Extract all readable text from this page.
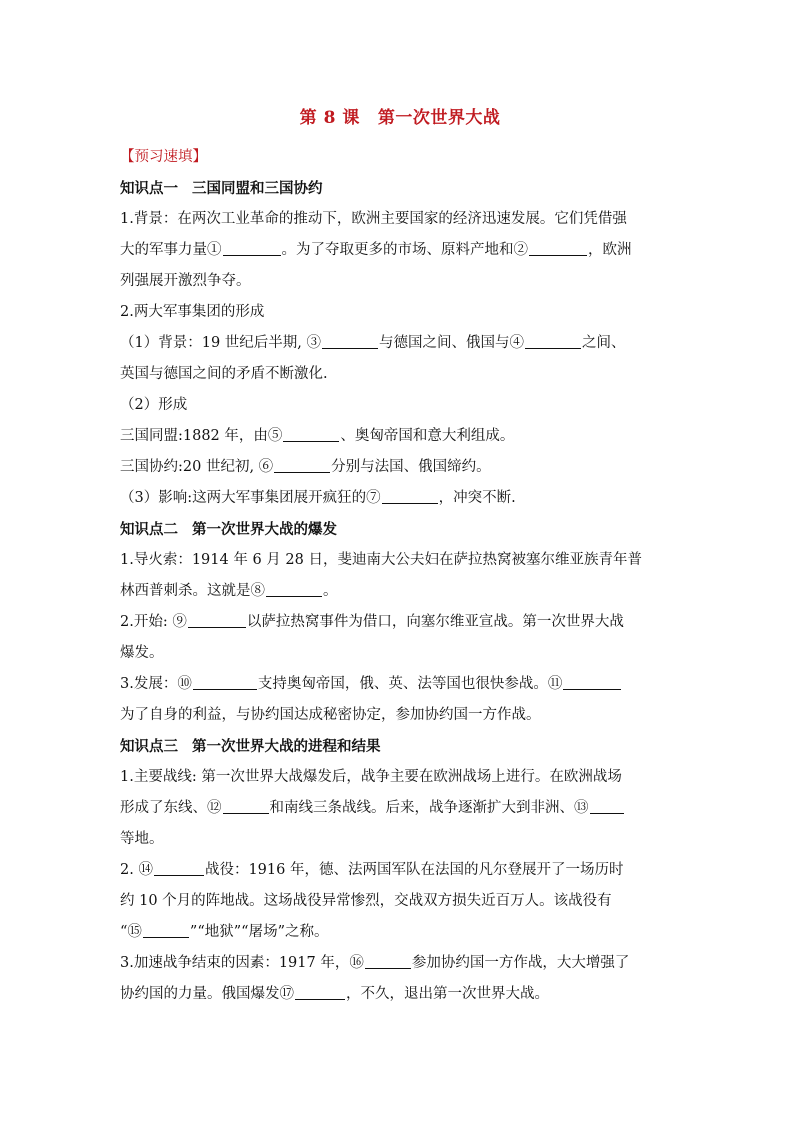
第 8 课 第一次世界大战
【预习速填】
知识点一 三国同盟和三国协约
1.背景：在两次工业革命的推动下，欧洲主要国家的经济迅速发展。它们凭借强
大的军事力量①	。为了夺取更多的市场、原料产地和②	，欧洲
列强展开激烈争夺。
2.两大军事集团的形成
（1）背景：19 世纪后半期, ③	与德国之间、俄国与④	之间、
英国与德国之间的矛盾不断激化.
（2）形成
三国同盟:1882 年，由⑤	、奥匈帝国和意大利组成。
三国协约:20 世纪初, ⑥	分别与法国、俄国缔约。
（3）影响:这两大军事集团展开疯狂的⑦	，冲突不断.
知识点二 第一次世界大战的爆发
1.导火索：1914 年 6 月 28 日，斐迪南大公夫妇在萨拉热窝被塞尔维亚族青年普
林西普刺杀。这就是⑧	。
2.开始: ⑨	以萨拉热窝事件为借口，向塞尔维亚宣战。第一次世界大战
爆发。
3.发展：⑩	支持奥匈帝国，俄、英、法等国也很快参战。⑪
为了自身的利益，与协约国达成秘密协定，参加协约国一方作战。
知识点三 第一次世界大战的进程和结果
1.主要战线: 第一次世界大战爆发后，战争主要在欧洲战场上进行。在欧洲战场
形成了东线、⑫	和南线三条战线。后来，战争逐渐扩大到非洲、⑬
等地。
2. ⑭	战役：1916 年，德、法两国军队在法国的凡尔登展开了一场历时
约 10 个月的阵地战。这场战役异常惨烈，交战双方损失近百万人。该战役有
“⑮	”“地狱”“屠场”之称。
3.加速战争结束的因素：1917 年，⑯	参加协约国一方作战，大大增强了
协约国的力量。俄国爆发⑰	，不久，退出第一次世界大战。
